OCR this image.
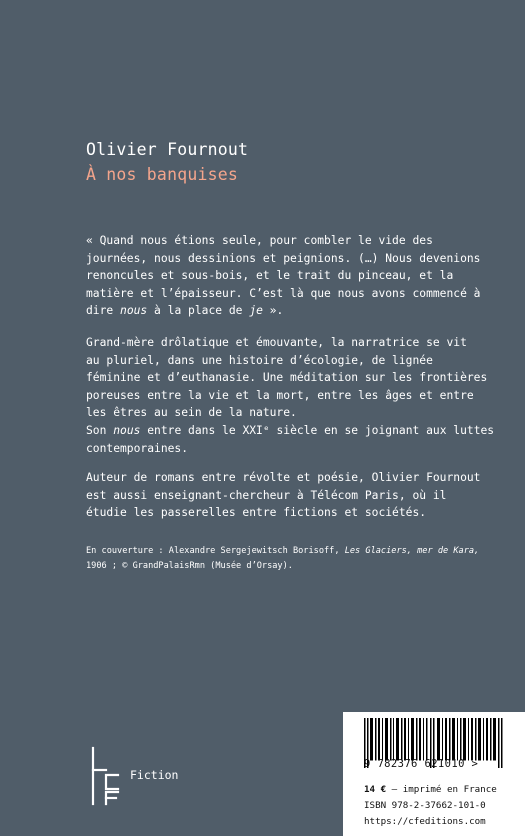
Olivier Fournout
À nos banquises
« Quand nous étions seule, pour combler le vide des
journées, nous dessinions et peignions. (…) Nous devenions
renoncules et sous-bois, et le trait du pinceau, et la
matière et l’épaisseur. C’est là que nous avons commencé à
dire nous à la place de je ».
Grand-mère drôlatique et émouvante, la narratrice se vit
au pluriel, dans une histoire d’écologie, de lignée
féminine et d’euthanasie. Une méditation sur les frontières
poreuses entre la vie et la mort, entre les âges et entre
les êtres au sein de la nature.
Son nous entre dans le XXIᵉ siècle en se joignant aux luttes
contemporaines.
Auteur de romans entre révolte et poésie, Olivier Fournout
est aussi enseignant-chercheur à Télécom Paris, où il
étudie les passerelles entre fictions et sociétés.
En couverture : Alexandre Sergejewitsch Borisoff, Les Glaciers, mer de Kara,
1906 ; © GrandPalaisRmn (Musée d’Orsay).
Fiction
9 782376 621010 >
14 € – imprimé en France
ISBN 978-2-37662-101-0
https://cfeditions.com
